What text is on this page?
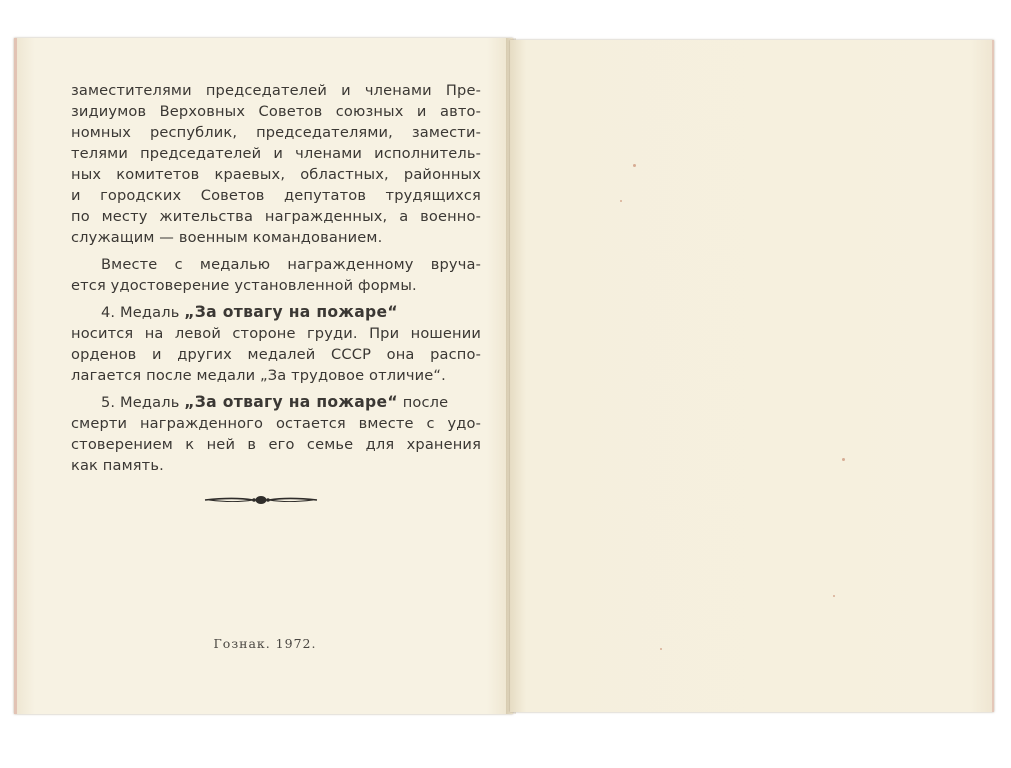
заместителями председателей и членами Пре-
зидиумов Верховных Советов союзных и авто-
номных республик, председателями, замести-
телями председателей и членами исполнитель-
ных комитетов краевых, областных, районных
и городских Советов депутатов трудящихся
по месту жительства награжденных, а военно-
служащим — военным командованием.
Вместе с медалью награжденному вруча-
ется удостоверение установленной формы.
4. Медаль „За отвагу на пожаре“
носится на левой стороне груди. При ношении
орденов и других медалей СССР она распо-
лагается после медали „За трудовое отличие“.
5. Медаль „За отвагу на пожаре“ после
смерти награжденного остается вместе с удо-
стоверением к ней в его семье для хранения
как память.
Гознак. 1972.
